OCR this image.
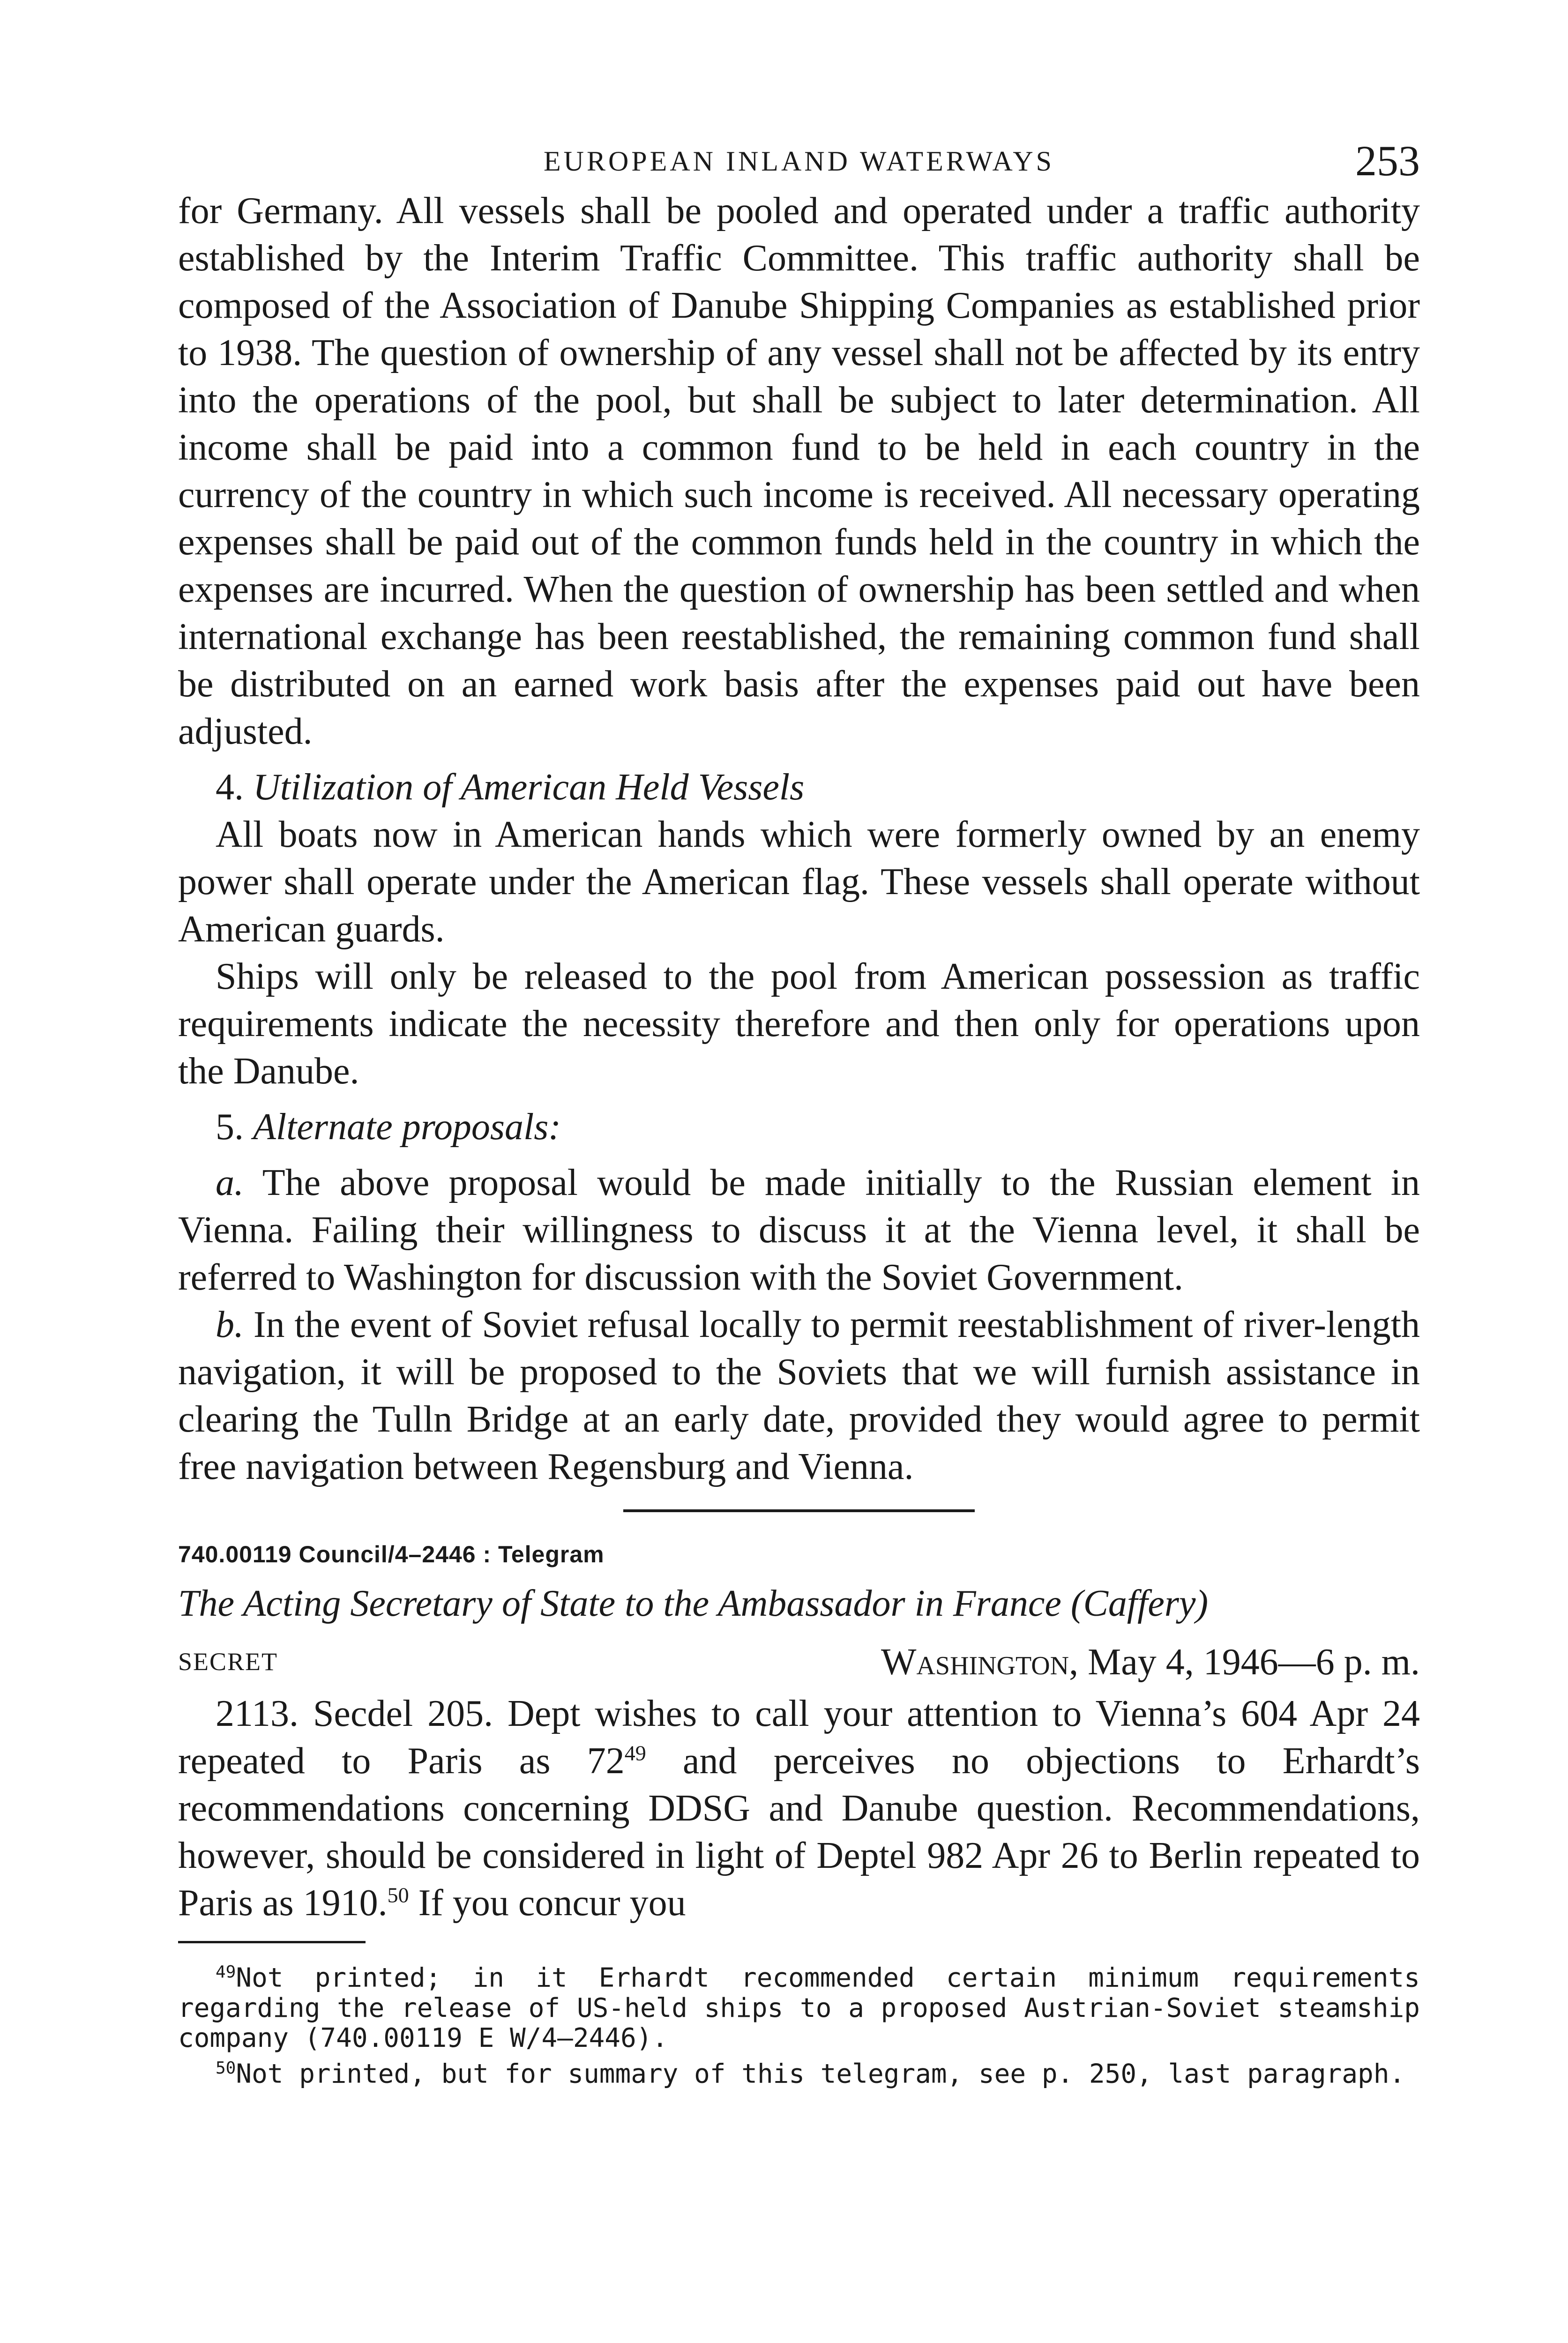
EUROPEAN INLAND WATERWAYS	253

for Germany. All vessels shall be pooled and operated under a traffic authority established by the Interim Traffic Committee. This traffic authority shall be composed of the Association of Danube Shipping Companies as established prior to 1938. The question of ownership of any vessel shall not be affected by its entry into the operations of the pool, but shall be subject to later determination. All income shall be paid into a common fund to be held in each country in the currency of the country in which such income is received. All necessary operating expenses shall be paid out of the common funds held in the country in which the expenses are incurred. When the question of ownership has been settled and when international exchange has been reestablished, the remaining common fund shall be distributed on an earned work basis after the expenses paid out have been adjusted.

4. Utilization of American Held Vessels

All boats now in American hands which were formerly owned by an enemy power shall operate under the American flag. These vessels shall operate without American guards.

Ships will only be released to the pool from American possession as traffic requirements indicate the necessity therefore and then only for operations upon the Danube.

5. Alternate proposals:

a. The above proposal would be made initially to the Russian element in Vienna. Failing their willingness to discuss it at the Vienna level, it shall be referred to Washington for discussion with the Soviet Government.

b. In the event of Soviet refusal locally to permit reestablishment of river-length navigation, it will be proposed to the Soviets that we will furnish assistance in clearing the Tulln Bridge at an early date, provided they would agree to permit free navigation between Regensburg and Vienna.

740.00119 Council/4–2446 : Telegram
The Acting Secretary of State to the Ambassador in France (Caffery)
SECRET	Washington, May 4, 1946—6 p. m.

2113. Secdel 205. Dept wishes to call your attention to Vienna’s 604 Apr 24 repeated to Paris as $72^{49}$ and perceives no objections to Erhardt’s recommendations concerning DDSG and Danube question. Recommendations, however, should be considered in light of Deptel 982 Apr 26 to Berlin repeated to Paris as 1910.50 If you concur you

$^{49}$Not printed; in it Erhardt recommended certain minimum requirements regarding the release of US-held ships to a proposed Austrian-Soviet steamship company (740.00119 E W/4–2446).

$^{50}$Not printed, but for summary of this telegram, see p. 250, last paragraph.
